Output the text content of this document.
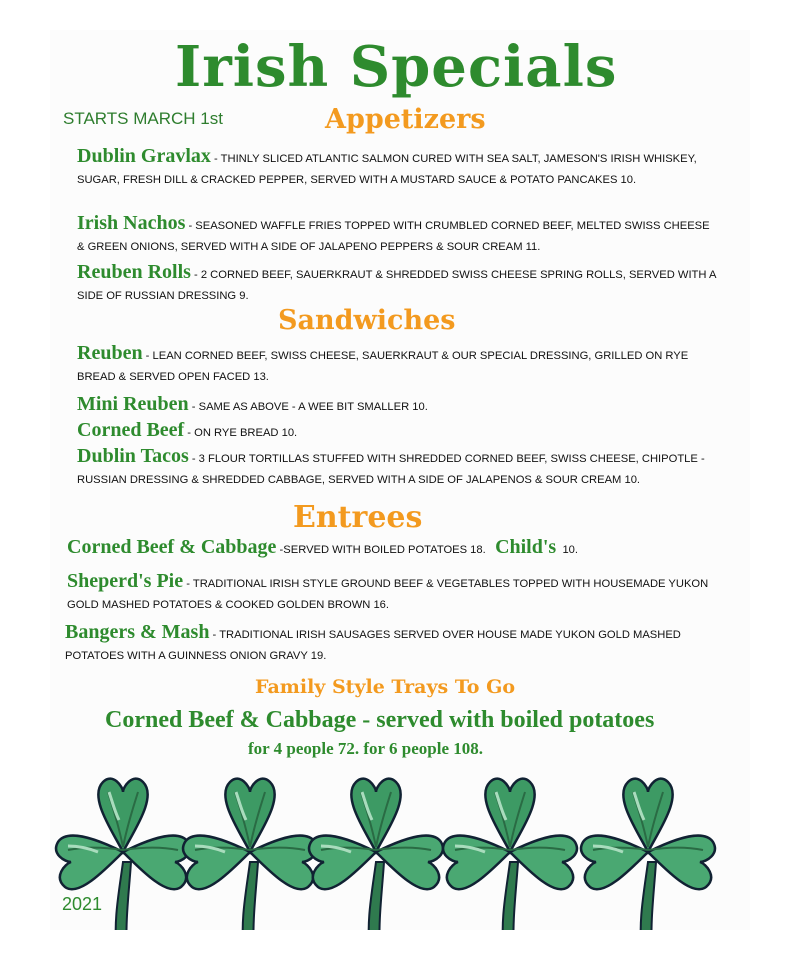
Irish Specials
STARTS MARCH 1st	Appetizers
Dublin Gravlax - THINLY SLICED ATLANTIC SALMON CURED WITH SEA SALT, JAMESON'S IRISH WHISKEY, SUGAR, FRESH DILL & CRACKED PEPPER, SERVED WITH A MUSTARD SAUCE & POTATO PANCAKES 10.
Irish Nachos - SEASONED WAFFLE FRIES TOPPED WITH CRUMBLED CORNED BEEF, MELTED SWISS CHEESE & GREEN ONIONS, SERVED WITH A SIDE OF JALAPENO PEPPERS & SOUR CREAM 11.
Reuben Rolls - 2 CORNED BEEF, SAUERKRAUT & SHREDDED SWISS CHEESE SPRING ROLLS, SERVED WITH A SIDE OF RUSSIAN DRESSING 9.
Sandwiches
Reuben - LEAN CORNED BEEF, SWISS CHEESE, SAUERKRAUT & OUR SPECIAL DRESSING, GRILLED ON RYE BREAD & SERVED OPEN FACED 13.
Mini Reuben - SAME AS ABOVE - A WEE BIT SMALLER 10.
Corned Beef - ON RYE BREAD 10.
Dublin Tacos - 3 FLOUR TORTILLAS STUFFED WITH SHREDDED CORNED BEEF, SWISS CHEESE, CHIPOTLE - RUSSIAN DRESSING & SHREDDED CABBAGE, SERVED WITH A SIDE OF JALAPENOS & SOUR CREAM 10.
Entrees
Corned Beef & Cabbage -SERVED WITH BOILED POTATOES 18. Child's 10.
Sheperd's Pie - TRADITIONAL IRISH STYLE GROUND BEEF & VEGETABLES TOPPED WITH HOUSEMADE YUKON GOLD MASHED POTATOES & COOKED GOLDEN BROWN 16.
Bangers & Mash - TRADITIONAL IRISH SAUSAGES SERVED OVER HOUSE MADE YUKON GOLD MASHED POTATOES WITH A GUINNESS ONION GRAVY 19.
Family Style Trays To Go
Corned Beef & Cabbage - served with boiled potatoes
for 4 people 72. for 6 people 108.
2021
